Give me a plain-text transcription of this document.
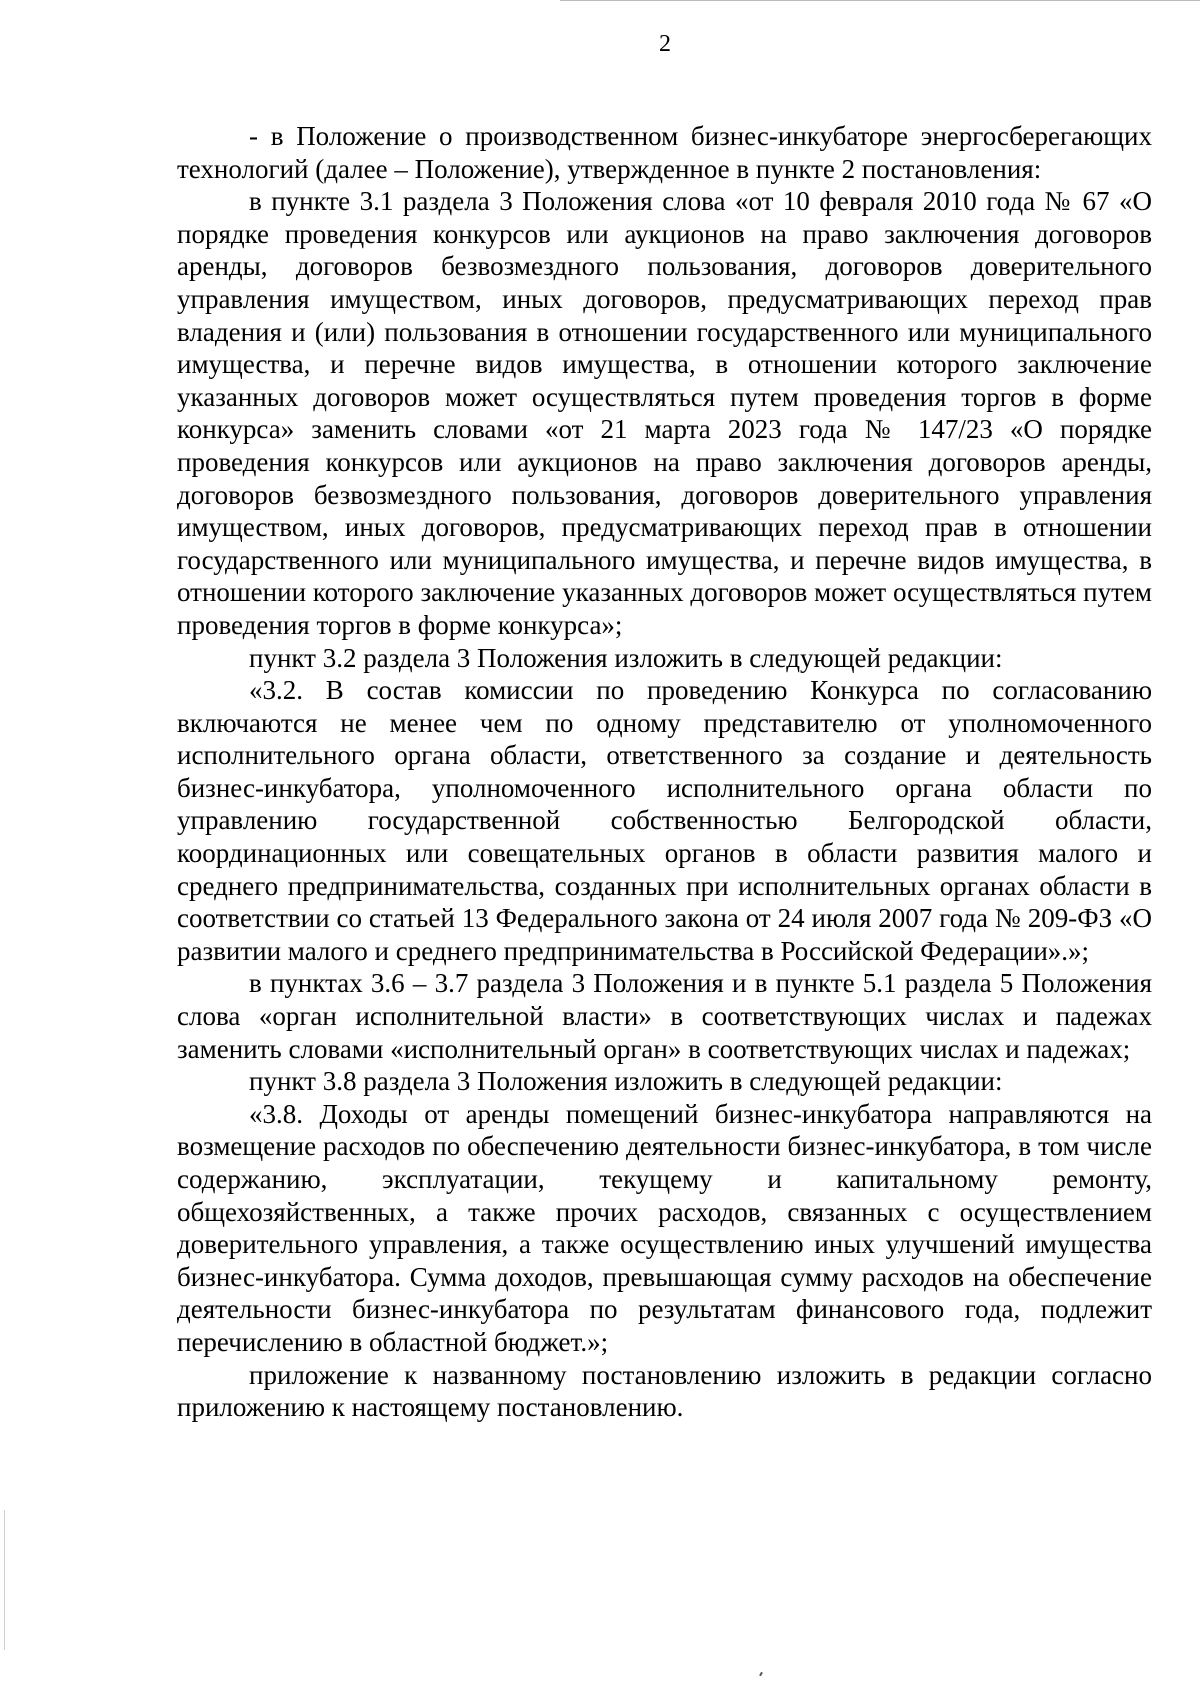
2

- в Положение о производственном бизнес-инкубаторе энергосберегающих технологий (далее – Положение), утвержденное в пункте 2 постановления:

в пункте 3.1 раздела 3 Положения слова «от 10 февраля 2010 года № 67 «О порядке проведения конкурсов или аукционов на право заключения договоров аренды, договоров безвозмездного пользования, договоров доверительного управления имуществом, иных договоров, предусматривающих переход прав владения и (или) пользования в отношении государственного или муниципального имущества, и перечне видов имущества, в отношении которого заключение указанных договоров может осуществляться путем проведения торгов в форме конкурса» заменить словами «от 21 марта 2023 года № 147/23 «О порядке проведения конкурсов или аукционов на право заключения договоров аренды, договоров безвозмездного пользования, договоров доверительного управления имуществом, иных договоров, предусматривающих переход прав в отношении государственного или муниципального имущества, и перечне видов имущества, в отношении которого заключение указанных договоров может осуществляться путем проведения торгов в форме конкурса»;

пункт 3.2 раздела 3 Положения изложить в следующей редакции:

«3.2. В состав комиссии по проведению Конкурса по согласованию включаются не менее чем по одному представителю от уполномоченного исполнительного органа области, ответственного за создание и деятельность бизнес-инкубатора, уполномоченного исполнительного органа области по управлению государственной собственностью Белгородской области, координационных или совещательных органов в области развития малого и среднего предпринимательства, созданных при исполнительных органах области в соответствии со статьей 13 Федерального закона от 24 июля 2007 года № 209-ФЗ «О развитии малого и среднего предпринимательства в Российской Федерации».»;

в пунктах 3.6 – 3.7 раздела 3 Положения и в пункте 5.1 раздела 5 Положения слова «орган исполнительной власти» в соответствующих числах и падежах заменить словами «исполнительный орган» в соответствующих числах и падежах;

пункт 3.8 раздела 3 Положения изложить в следующей редакции:

«3.8. Доходы от аренды помещений бизнес-инкубатора направляются на возмещение расходов по обеспечению деятельности бизнес-инкубатора, в том числе содержанию, эксплуатации, текущему и капитальному ремонту, общехозяйственных, а также прочих расходов, связанных с осуществлением доверительного управления, а также осуществлению иных улучшений имущества бизнес-инкубатора. Сумма доходов, превышающая сумму расходов на обеспечение деятельности бизнес-инкубатора по результатам финансового года, подлежит перечислению в областной бюджет.»;

приложение к названному постановлению изложить в редакции согласно приложению к настоящему постановлению.
